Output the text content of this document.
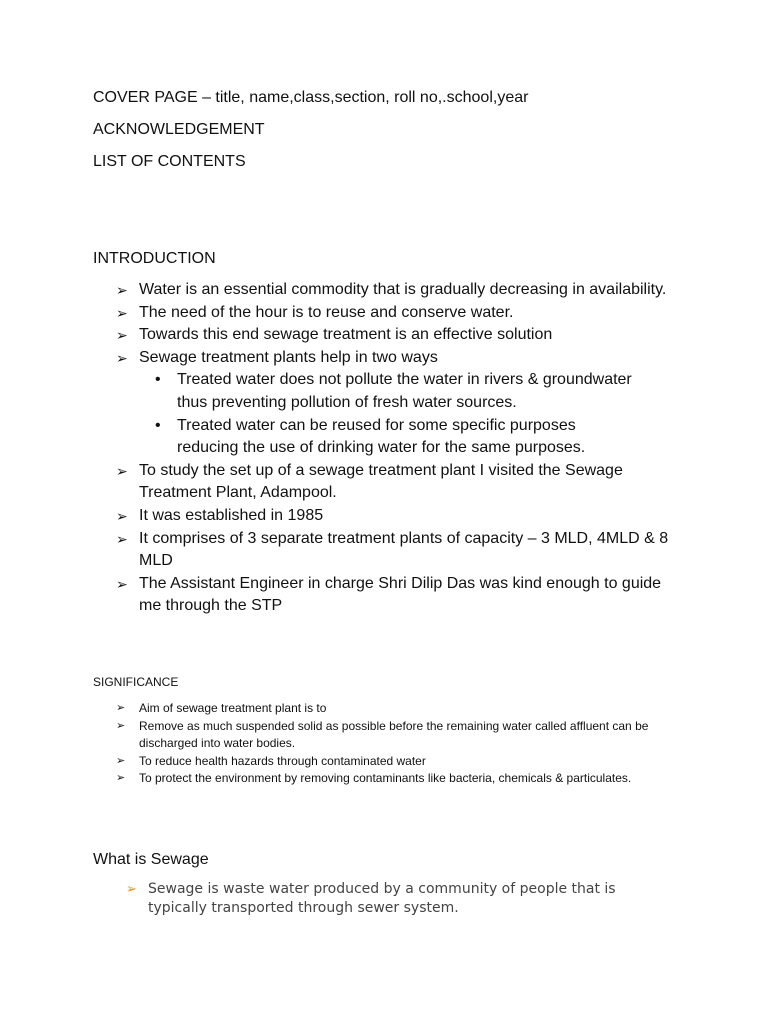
COVER PAGE – title, name,class,section, roll no,.school,year
ACKNOWLEDGEMENT
LIST OF CONTENTS
INTRODUCTION
➢ Water is an essential commodity that is gradually decreasing in availability.
➢ The need of the hour is to reuse and conserve water.
➢ Towards this end sewage treatment is an effective solution
➢ Sewage treatment plants help in two ways
• Treated water does not pollute the water in rivers & groundwater thus preventing pollution of fresh water sources.
• Treated water can be reused for some specific purposes reducing the use of drinking water for the same purposes.
➢ To study the set up of a sewage treatment plant I visited the Sewage Treatment Plant, Adampool.
➢ It was established in 1985
➢ It comprises of 3 separate treatment plants of capacity – 3 MLD, 4MLD & 8 MLD
➢ The Assistant Engineer in charge Shri Dilip Das was kind enough to guide me through the STP
SIGNIFICANCE
➢ Aim of sewage treatment plant is to
➢ Remove as much suspended solid as possible before the remaining water called affluent can be discharged into water bodies.
➢ To reduce health hazards through contaminated water
➢ To protect the environment by removing contaminants like bacteria, chemicals & particulates.
What is Sewage
➢ Sewage is waste water produced by a community of people that is typically transported through sewer system.
